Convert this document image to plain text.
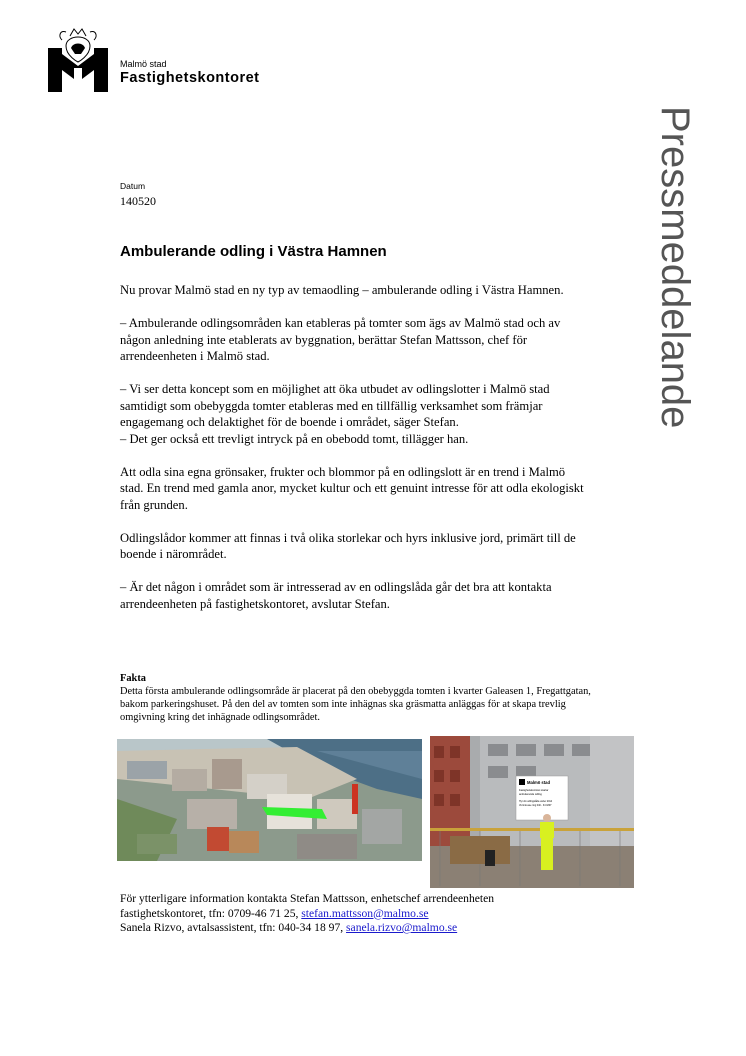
Malmö stad
Fastighetskontoret
Pressmeddelande
Datum
140520
Ambulerande odling i Västra Hamnen

Nu provar Malmö stad en ny typ av temaodling – ambulerande odling i Västra Hamnen.

– Ambulerande odlingsområden kan etableras på tomter som ägs av Malmö stad och av någon anledning inte etablerats av byggnation, berättar Stefan Mattsson, chef för arrendeenheten i Malmö stad.

– Vi ser detta koncept som en möjlighet att öka utbudet av odlingslotter i Malmö stad samtidigt som obebyggda tomter etableras med en tillfällig verksamhet som främjar engagemang och delaktighet för de boende i området, säger Stefan.

– Det ger också ett trevligt intryck på en obebodd tomt, tillägger han.

Att odla sina egna grönsaker, frukter och blommor på en odlingslott är en trend i Malmö stad. En trend med gamla anor, mycket kultur och ett genuint intresse för att odla ekologiskt från grunden.

Odlingslådor kommer att finnas i två olika storlekar och hyrs inklusive jord, primärt till de boende i närområdet.

– Är det någon i området som är intresserad av en odlingslåda går det bra att kontakta arrendeenheten på fastighetskontoret, avslutar Stefan.

Fakta
Detta första ambulerande odlingsområde är placerat på den obebyggda tomten i kvarter Galeasen 1, Fregattgatan, bakom parkeringshuset. På den del av tomten som inte inhägnas ska gräsmatta anläggas för at skapa trevlig omgivning kring det inhägnade odlingsområdet.
Malmö stad Fastighetskontoret startar ambulerande odling Hyr din odlingslåda under 2014 Vid intresse ring 040 - 34 1807
För ytterligare information kontakta Stefan Mattsson, enhetschef arrendeenheten
fastighetskontoret, tfn: 0709-46 71 25, stefan.mattsson@malmo.se
Sanela Rizvo, avtalsassistent, tfn: 040-34 18 97, sanela.rizvo@malmo.se
